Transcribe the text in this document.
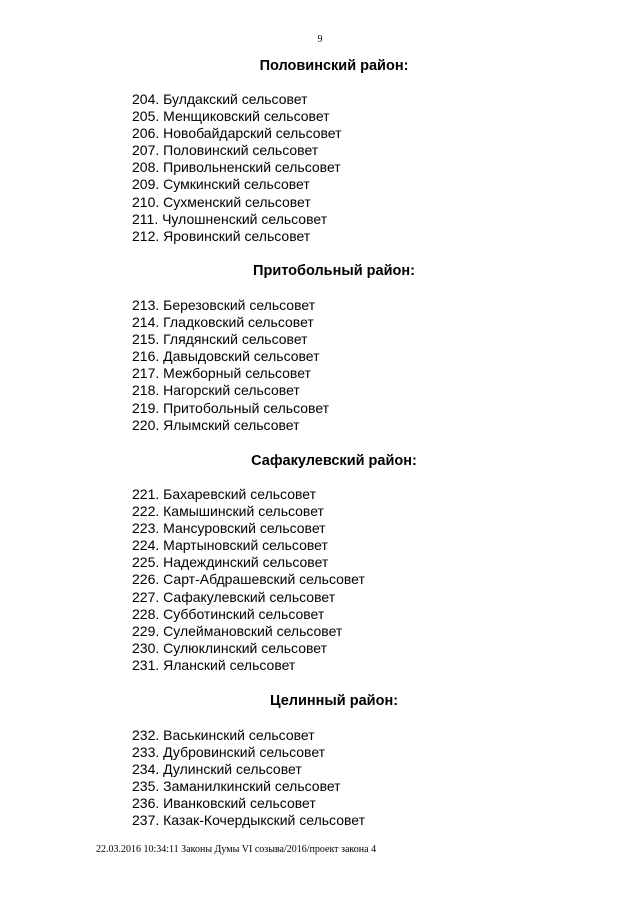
9
Половинский район:
204. Булдакский сельсовет
205. Менщиковский сельсовет
206. Новобайдарский сельсовет
207. Половинский сельсовет
208. Привольненский сельсовет
209. Сумкинский сельсовет
210. Сухменский сельсовет
211. Чулошненский сельсовет
212. Яровинский сельсовет
Притобольный район:
213. Березовский сельсовет
214. Гладковский сельсовет
215. Глядянский сельсовет
216. Давыдовский сельсовет
217. Межборный сельсовет
218. Нагорский сельсовет
219. Притобольный сельсовет
220. Ялымский сельсовет
Сафакулевский район:
221. Бахаревский сельсовет
222. Камышинский сельсовет
223. Мансуровский сельсовет
224. Мартыновский сельсовет
225. Надеждинский сельсовет
226. Сарт-Абдрашевский сельсовет
227. Сафакулевский сельсовет
228. Субботинский сельсовет
229. Сулеймановский сельсовет
230. Сулюклинский сельсовет
231. Яланский сельсовет
Целинный район:
232. Васькинский сельсовет
233. Дубровинский сельсовет
234. Дулинский сельсовет
235. Заманилкинский сельсовет
236. Иванковский сельсовет
237. Казак-Кочердыкский сельсовет
22.03.2016 10:34:11 Законы Думы VI созыва/2016/проект закона 4
